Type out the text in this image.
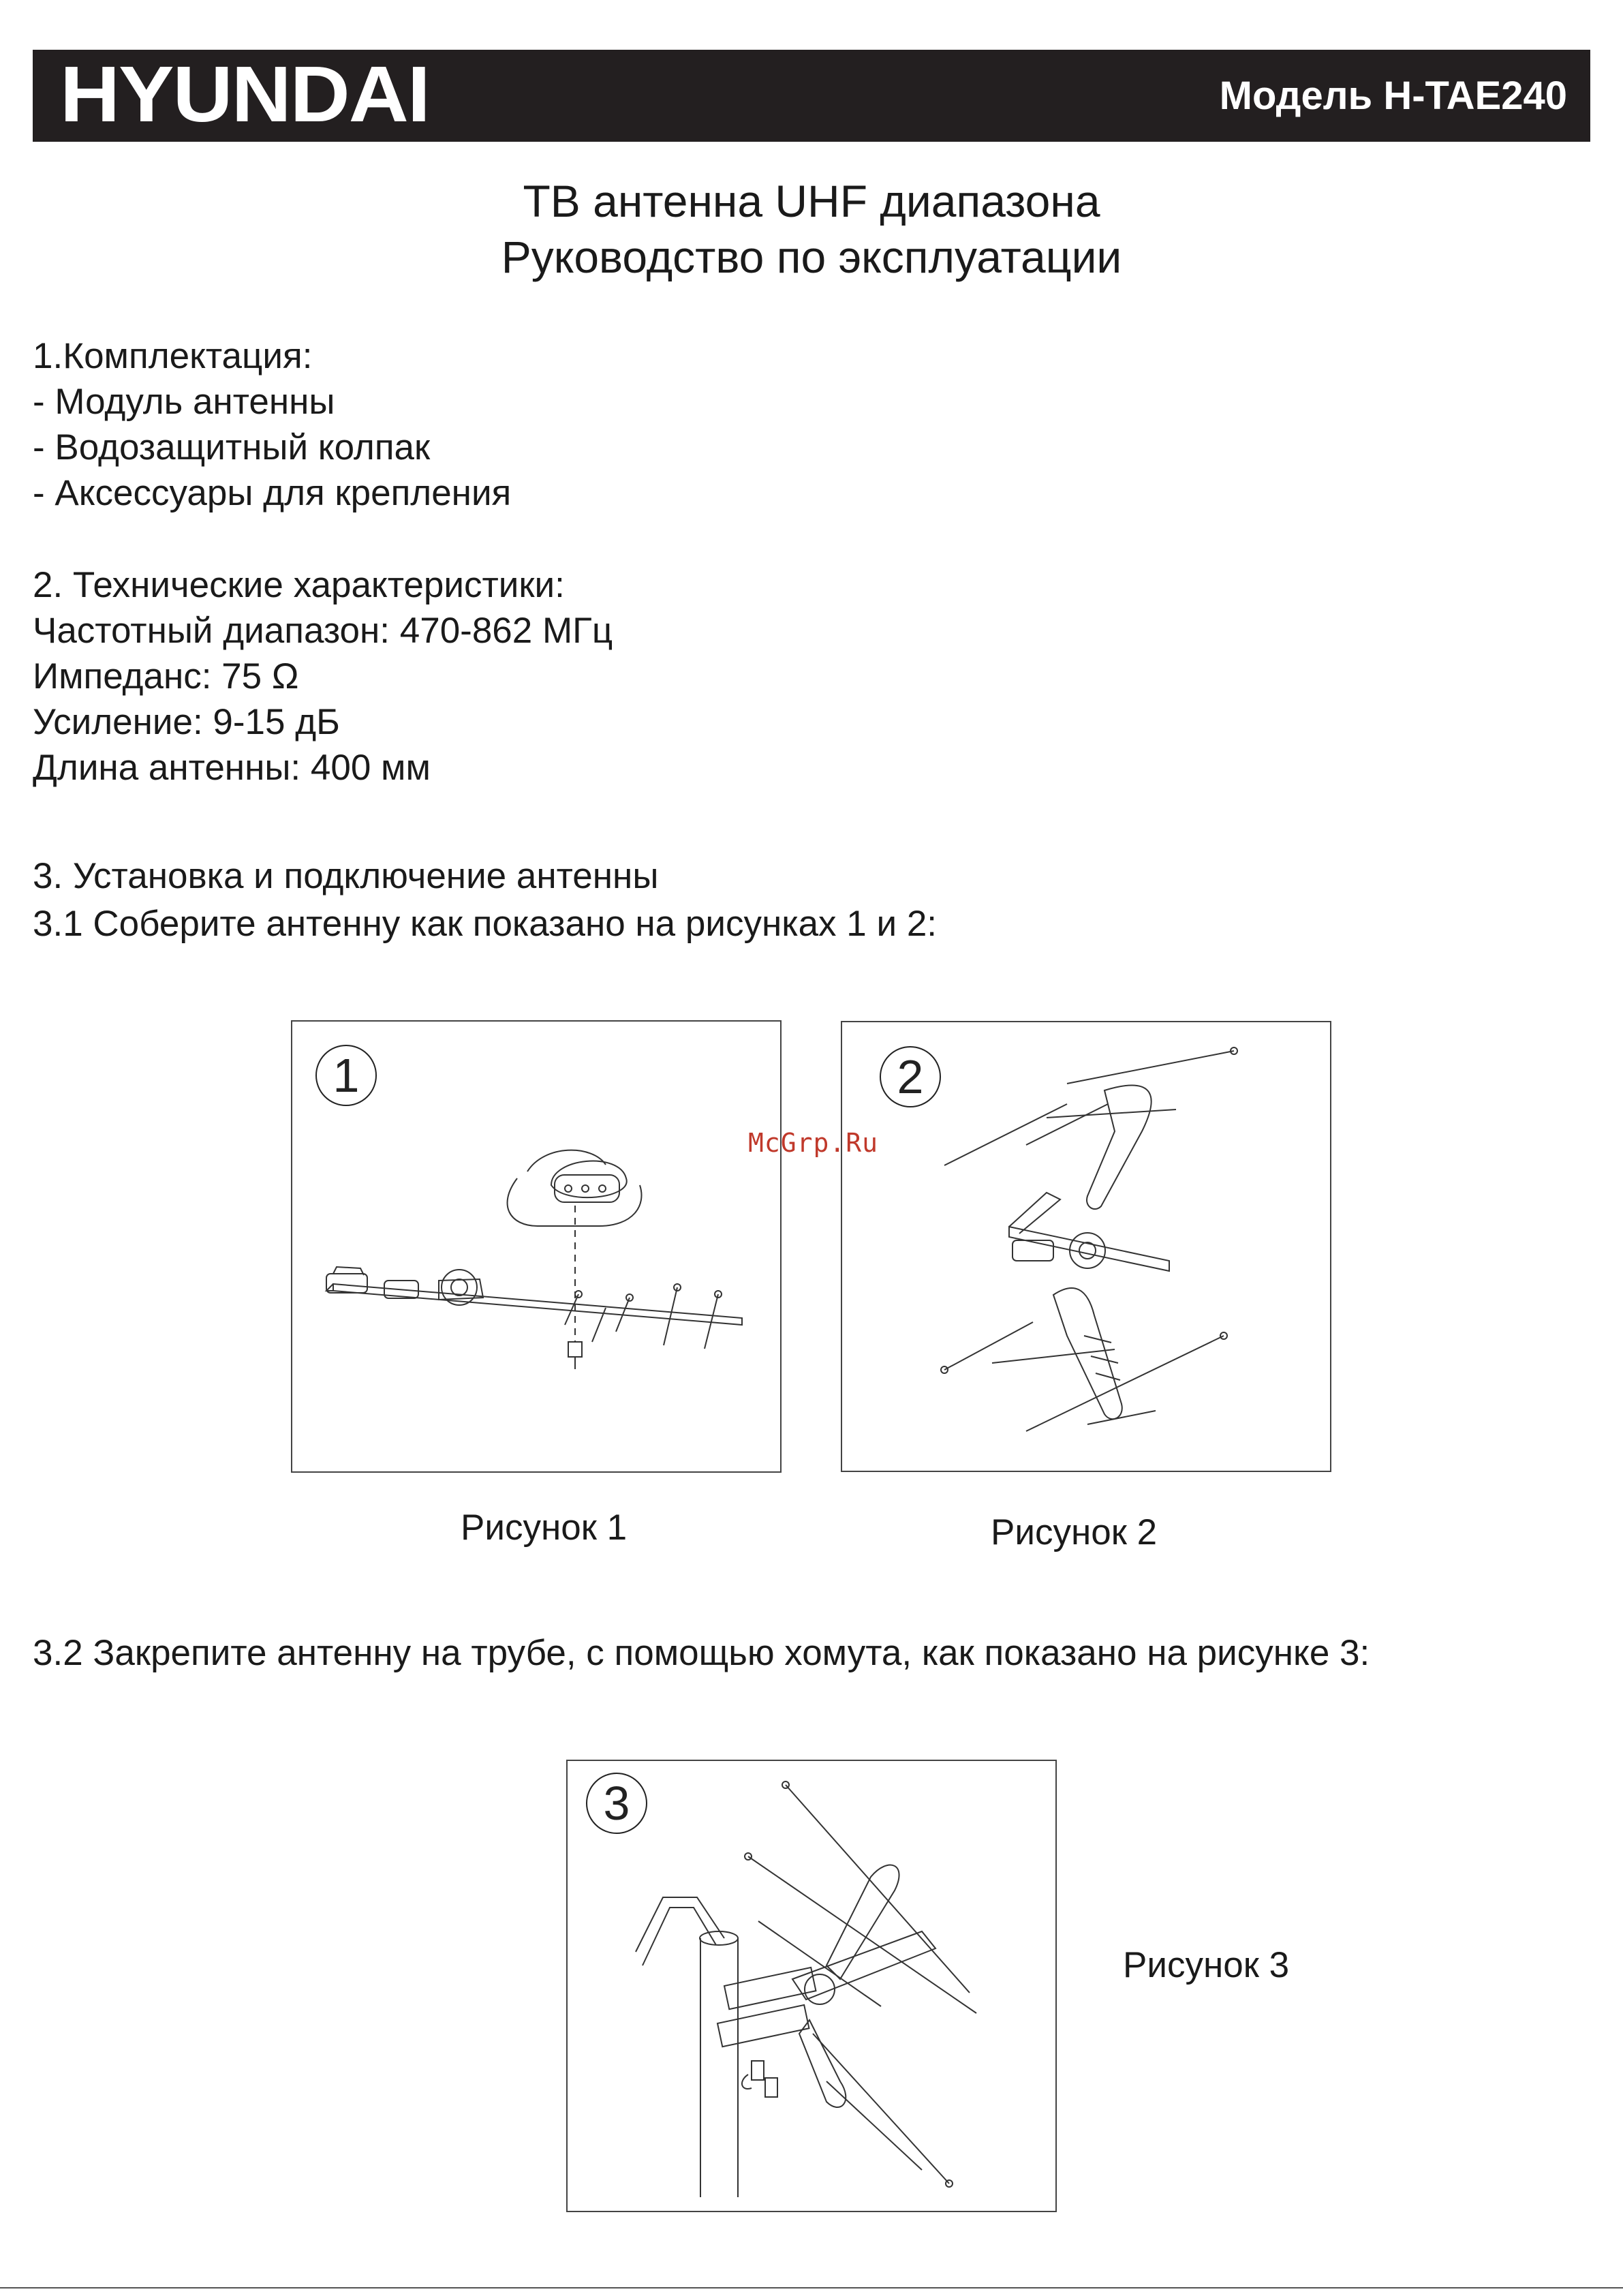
HYUNDAI	Модель H-TAE240
ТВ антенна UHF диапазона
Руководство по эксплуатации
1.Комплектация:
- Модуль антенны
- Водозащитный колпак
- Аксессуары для крепления
2. Технические характеристики:
Частотный диапазон: 470-862 МГц
Импеданс: 75 Ω
Усиление: 9-15 дБ
Длина антенны: 400 мм
3. Установка и подключение антенны
3.1 Соберите антенну как показано на рисунках 1 и 2:
1
Рисунок 1
2
Рисунок 2
3.2 Закрепите антенну на трубе, с помощью хомута, как показано на рисунке 3:
3
Рисунок 3
McGrp.Ru
